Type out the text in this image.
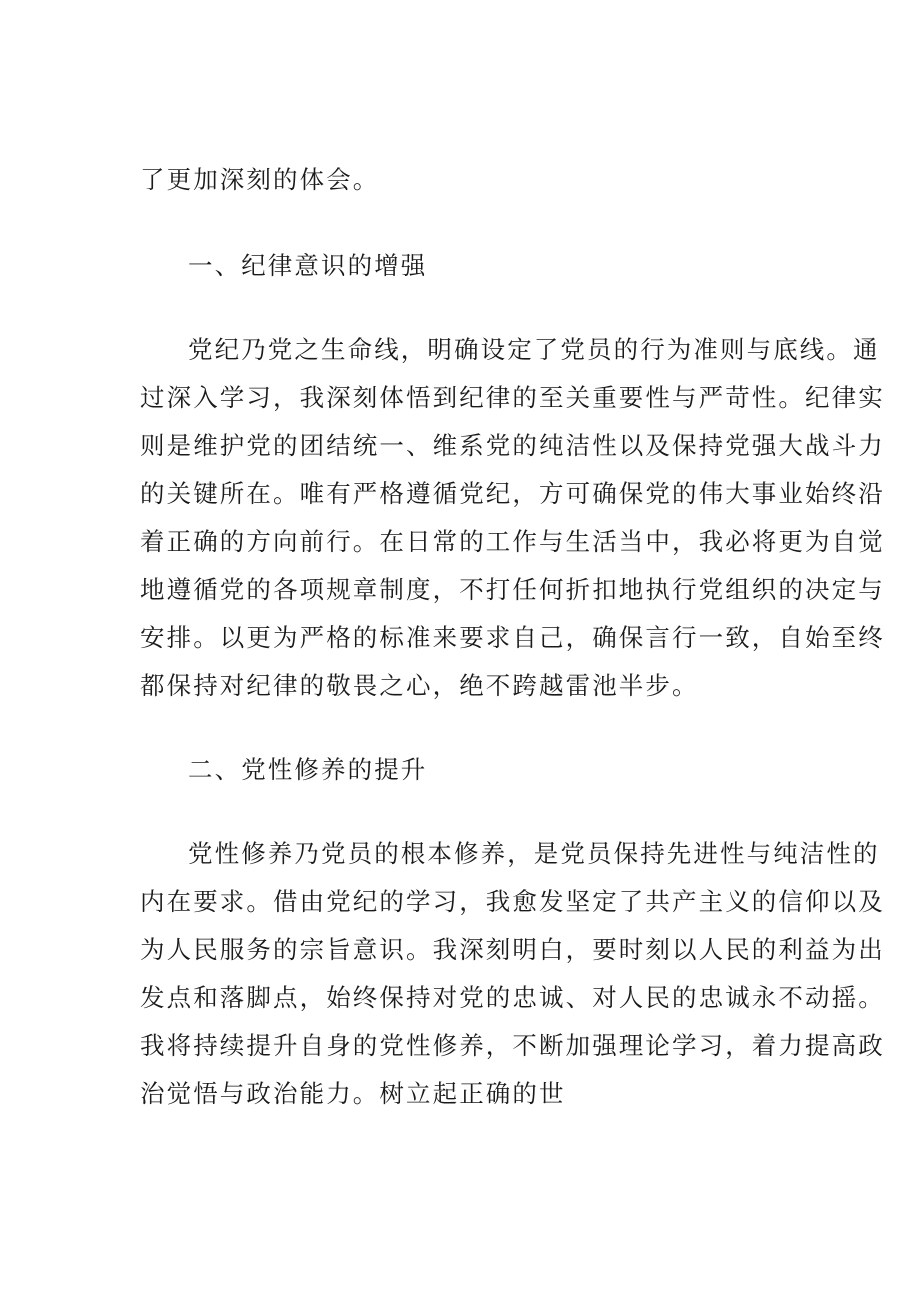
了更加深刻的体会。
一、纪律意识的增强
党纪乃党之生命线，明确设定了党员的行为准则与底线。通
过深入学习，我深刻体悟到纪律的至关重要性与严苛性。纪律实
则是维护党的团结统一、维系党的纯洁性以及保持党强大战斗力
的关键所在。唯有严格遵循党纪，方可确保党的伟大事业始终沿
着正确的方向前行。在日常的工作与生活当中，我必将更为自觉
地遵循党的各项规章制度，不打任何折扣地执行党组织的决定与
安排。以更为严格的标准来要求自己，确保言行一致，自始至终
都保持对纪律的敬畏之心，绝不跨越雷池半步。
二、党性修养的提升
党性修养乃党员的根本修养，是党员保持先进性与纯洁性的
内在要求。借由党纪的学习，我愈发坚定了共产主义的信仰以及
为人民服务的宗旨意识。我深刻明白，要时刻以人民的利益为出
发点和落脚点，始终保持对党的忠诚、对人民的忠诚永不动摇。
我将持续提升自身的党性修养，不断加强理论学习，着力提高政
治觉悟与政治能力。树立起正确的世
